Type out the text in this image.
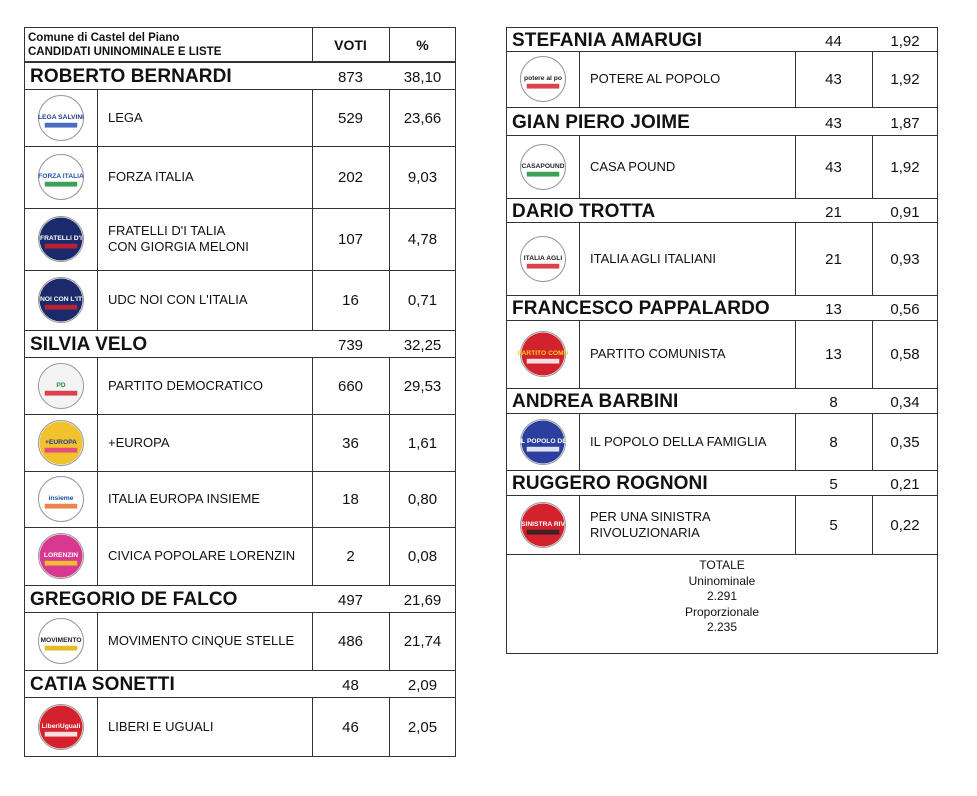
Comune di Castel del Piano
CANDIDATI UNINOMINALE E LISTE	VOTI	%
ROBERTO BERNARDI	873	38,10
LEGA SALVINI LEGA	529	23,66
FORZA ITALIA FORZA ITALIA	202	9,03
FRATELLI D'I
FRATELLI D'I TALIA
CON GIORGIA MELONI	107	4,78
NOI CON L'IT UDC NOI CON L'ITALIA	16	0,71
SILVIA VELO	739	32,25
PD	PARTITO DEMOCRATICO	660	29,53
+EUROPA +EUROPA	36	1,61
insieme	ITALIA EUROPA INSIEME	18	0,80
LORENZIN CIVICA POPOLARE LORENZIN	2	0,08
GREGORIO DE FALCO	497	21,69
MOVIMENTO MOVIMENTO CINQUE STELLE	486	21,74
CATIA SONETTI	48	2,09
LiberiUguali LIBERI E UGUALI	46	2,05
STEFANIA AMARUGI	44	1,92
potere al po POTERE AL POPOLO	43	1,92
GIAN PIERO JOIME	43	1,87
CASAPOUND CASA POUND	43	1,92
DARIO TROTTA	21	0,91
ITALIA AGLI ITALIA AGLI ITALIANI	21	0,93
FRANCESCO PAPPALARDO	13	0,56
PARTITO COMU PARTITO COMUNISTA	13	0,58
ANDREA BARBINI	8	0,34
IL POPOLO DE IL POPOLO DELLA FAMIGLIA	8	0,35
RUGGERO ROGNONI	5	0,21
SINISTRA RIV
PER UNA SINISTRA
RIVOLUZIONARIA	5	0,22
TOTALE
Uninominale
2.291
Proporzionale
2.235
